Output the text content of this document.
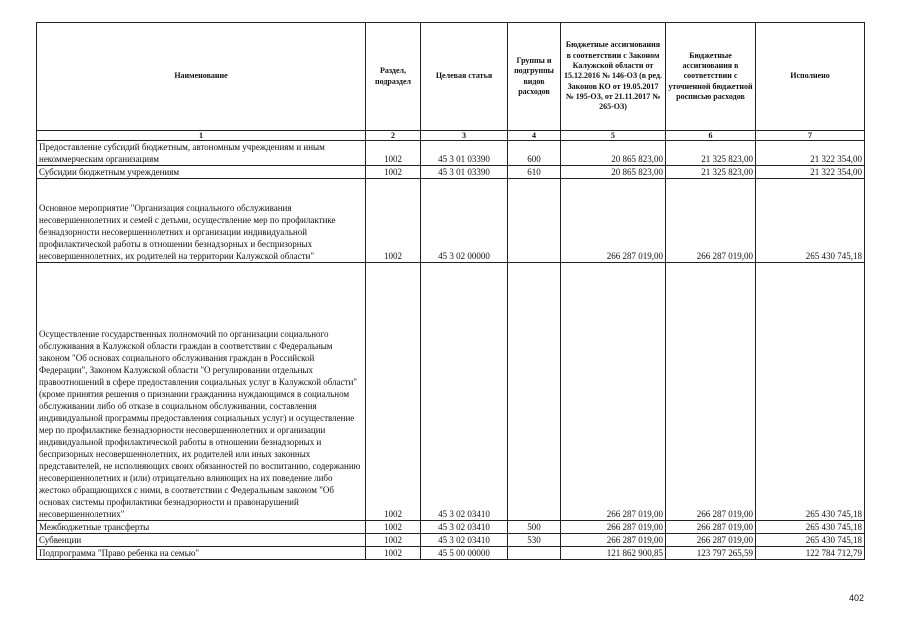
Наименование	Раздел, подраздел	Целевая статья	Группы и подгруппы видов расходов	Бюджетные ассигнования в соответствии с Законом Калужской области от 15.12.2016 № 146-ОЗ (в ред. Законов КО от 19.05.2017 № 195-ОЗ, от 21.11.2017 № 265-ОЗ)	Бюджетные ассигнования в соответствии с уточненной бюджетной росписью расходов	Исполнено
1	2	3	4	5	6	7
Предоставление субсидий бюджетным, автономным учреждениям и иным некоммерческим организациям	1002	45 3 01 03390	600	20 865 823,00	21 325 823,00	21 322 354,00
Субсидии бюджетным учреждениям	1002	45 3 01 03390	610	20 865 823,00	21 325 823,00	21 322 354,00
Основное мероприятие "Организация социального обслуживания несовершеннолетних и семей с детьми, осуществление мер по профилактике безнадзорности несовершеннолетних и организации индивидуальной профилактической работы в отношении безнадзорных и беспризорных несовершеннолетних, их родителей на территории Калужской области"	1002	45 3 02 00000		266 287 019,00	266 287 019,00	265 430 745,18
Осуществление государственных полномочий по организации социального обслуживания в Калужской области граждан в соответствии с Федеральным законом "Об основах социального обслуживания граждан в Российской Федерации", Законом Калужской области "О регулировании отдельных правоотношений в сфере предоставления социальных услуг в Калужской области" (кроме принятия решения о признании гражданина нуждающимся в социальном обслуживании либо об отказе в социальном обслуживании, составления индивидуальной программы предоставления социальных услуг) и осуществление мер по профилактике безнадзорности несовершеннолетних и организации индивидуальной профилактической работы в отношении безнадзорных и беспризорных несовершеннолетних, их родителей или иных законных представителей, не исполняющих своих обязанностей по воспитанию, содержанию несовершеннолетних и (или) отрицательно влияющих на их поведение либо жестоко обращающихся с ними, в соответствии с Федеральным законом "Об основах системы профилактики безнадзорности и правонарушений несовершеннолетних"	1002	45 3 02 03410		266 287 019,00	266 287 019,00	265 430 745,18
Межбюджетные трансферты	1002	45 3 02 03410	500	266 287 019,00	266 287 019,00	265 430 745,18
Субвенции	1002	45 3 02 03410	530	266 287 019,00	266 287 019,00	265 430 745,18
Подпрограмма "Право ребенка на семью"	1002	45 5 00 00000		121 862 900,85	123 797 265,59	122 784 712,79
402
